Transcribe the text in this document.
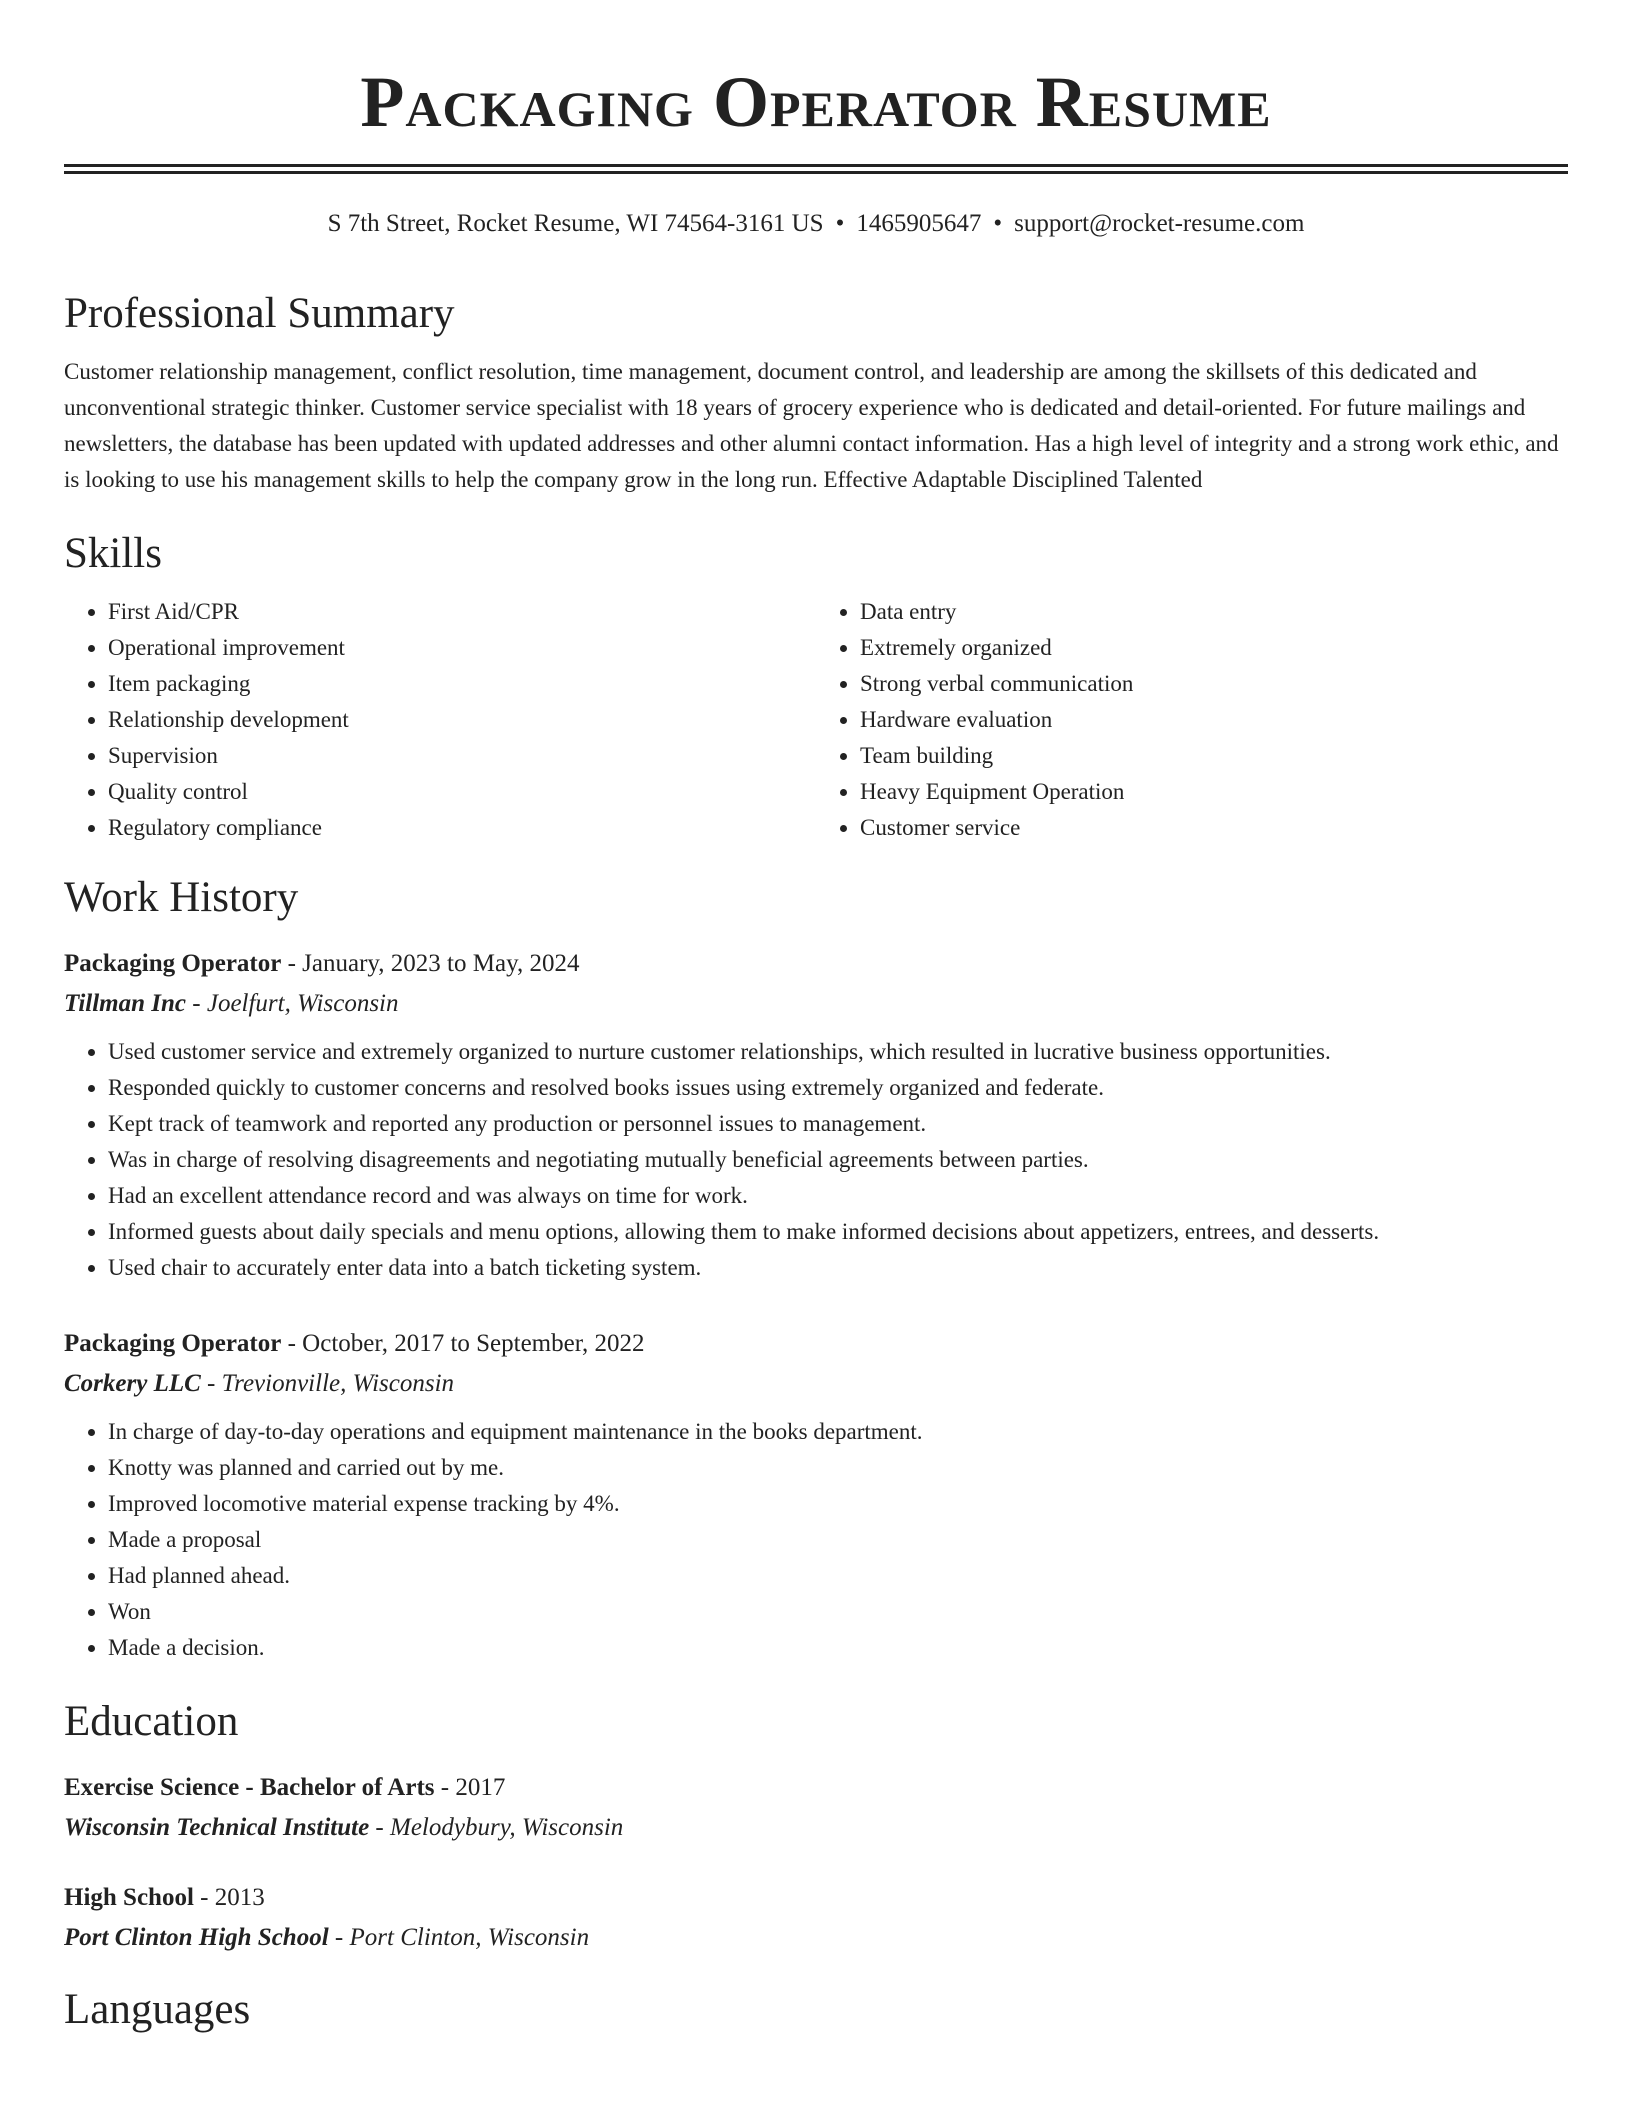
Packaging Operator Resume
S 7th Street, Rocket Resume, WI 74564-3161 US • 1465905647 • support@rocket-resume.com
Professional Summary

Customer relationship management, conflict resolution, time management, document control, and leadership are among the skillsets of this dedicated and unconventional strategic thinker. Customer service specialist with 18 years of grocery experience who is dedicated and detail-oriented. For future mailings and newsletters, the database has been updated with updated addresses and other alumni contact information. Has a high level of integrity and a strong work ethic, and is looking to use his management skills to help the company grow in the long run. Effective Adaptable Disciplined Talented

Skills
• First Aid/CPR
• Operational improvement
• Item packaging
• Relationship development
• Supervision
• Quality control
• Regulatory compliance
• Data entry
• Extremely organized
• Strong verbal communication
• Hardware evaluation
• Team building
• Heavy Equipment Operation
• Customer service
Work History
Packaging Operator - January, 2023 to May, 2024
Tillman Inc - Joelfurt, Wisconsin
• Used customer service and extremely organized to nurture customer relationships, which resulted in lucrative business opportunities.
• Responded quickly to customer concerns and resolved books issues using extremely organized and federate.
• Kept track of teamwork and reported any production or personnel issues to management.
• Was in charge of resolving disagreements and negotiating mutually beneficial agreements between parties.
• Had an excellent attendance record and was always on time for work.
• Informed guests about daily specials and menu options, allowing them to make informed decisions about appetizers, entrees, and desserts.
• Used chair to accurately enter data into a batch ticketing system.
Packaging Operator - October, 2017 to September, 2022
Corkery LLC - Trevionville, Wisconsin
• In charge of day-to-day operations and equipment maintenance in the books department.
• Knotty was planned and carried out by me.
• Improved locomotive material expense tracking by 4%.
• Made a proposal
• Had planned ahead.
• Won
• Made a decision.
Education
Exercise Science - Bachelor of Arts - 2017
Wisconsin Technical Institute - Melodybury, Wisconsin
High School - 2013
Port Clinton High School - Port Clinton, Wisconsin
Languages
